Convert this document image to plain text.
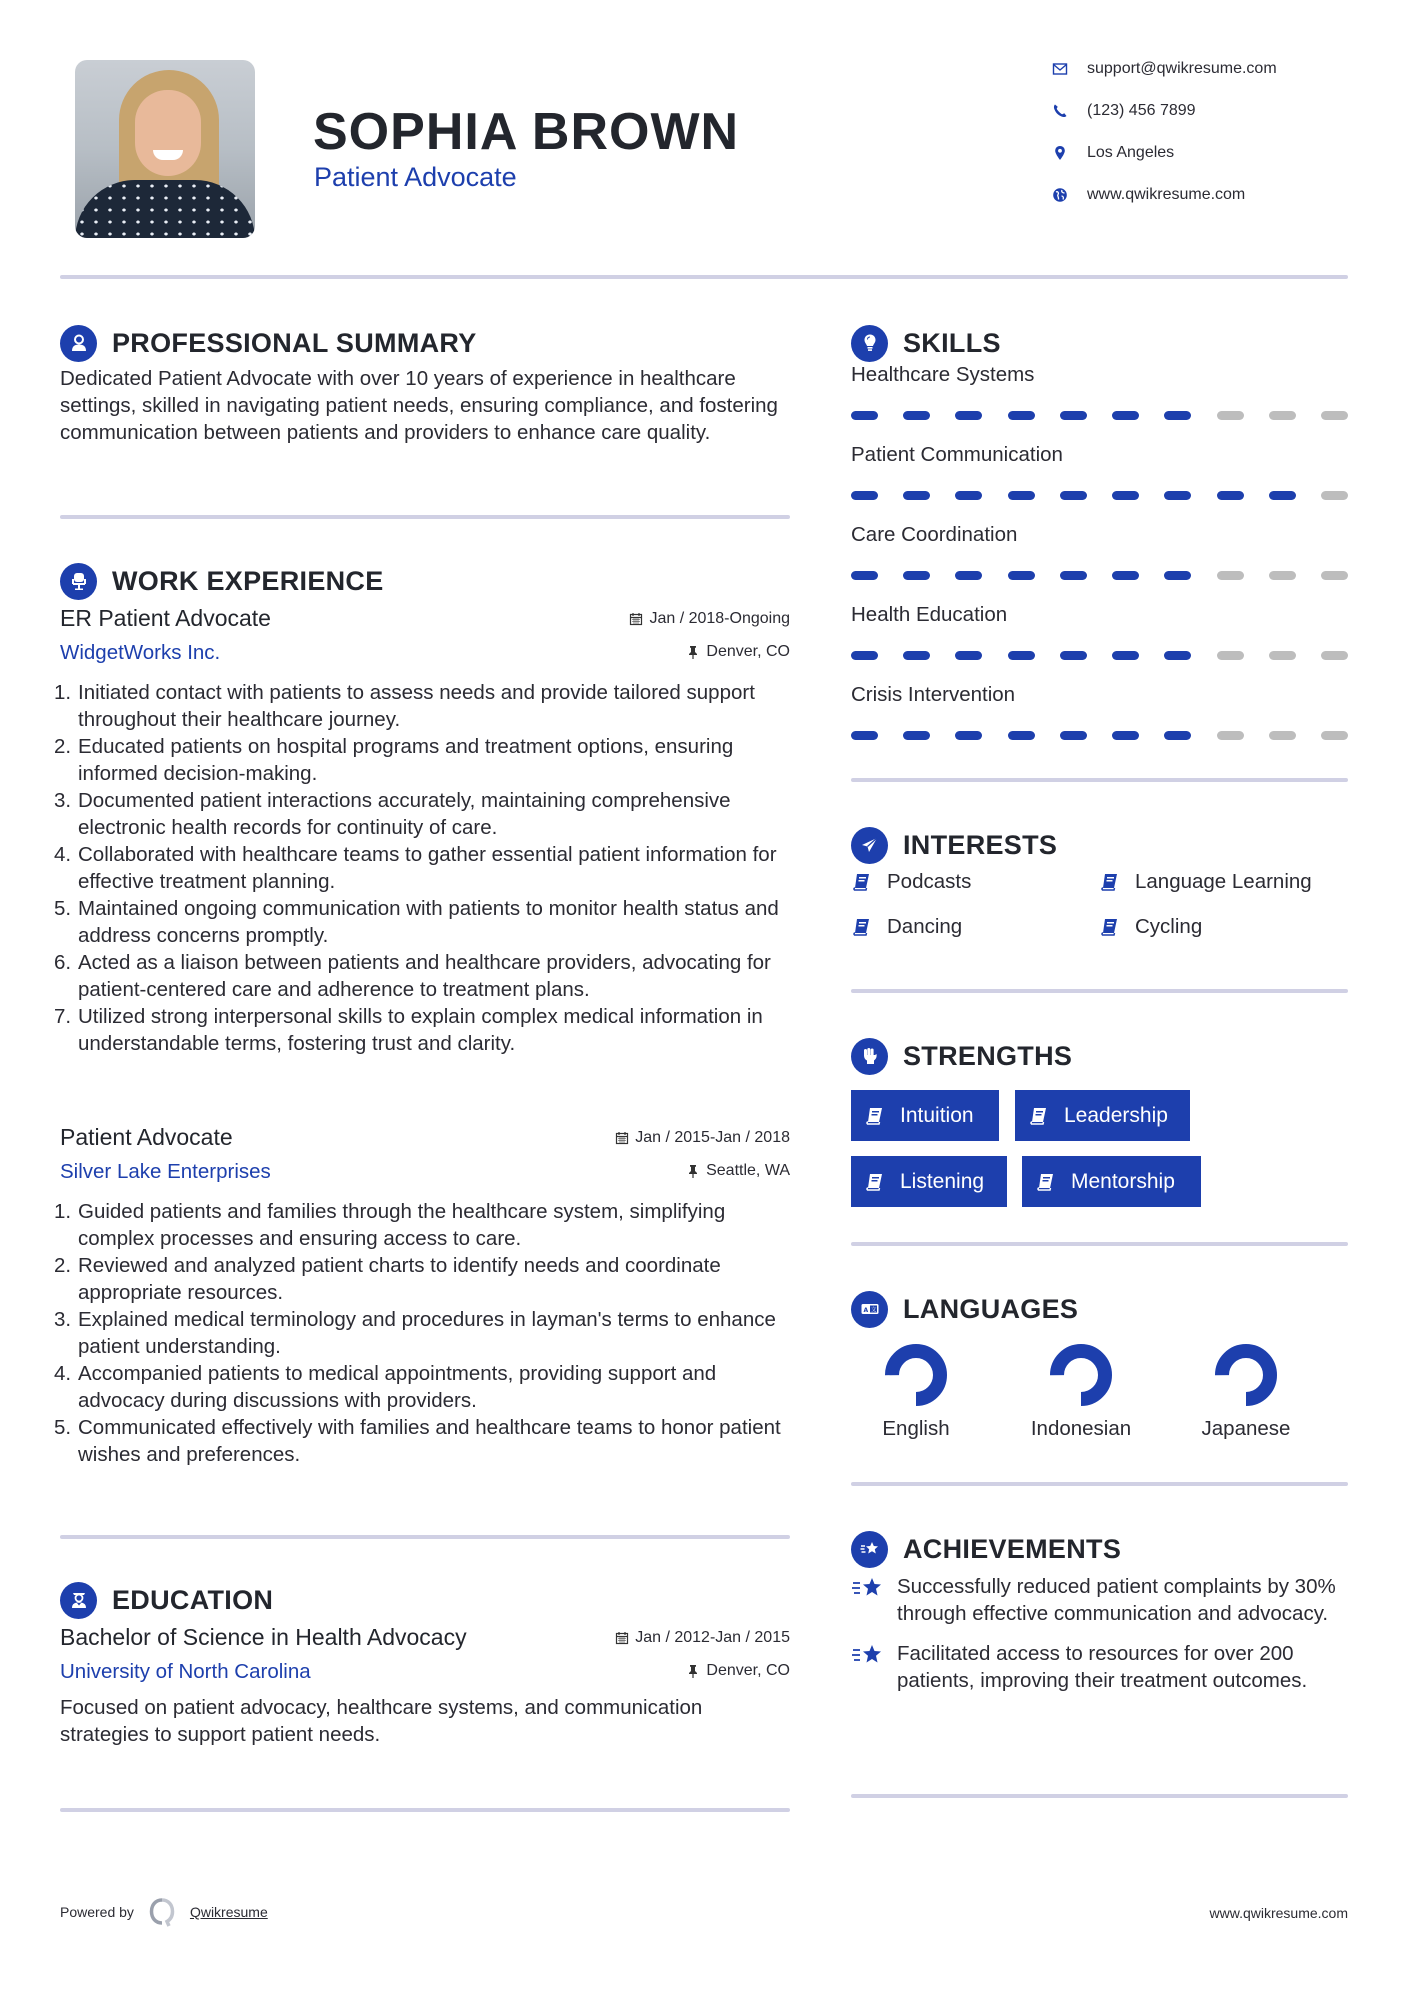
SOPHIA BROWN
Patient Advocate
support@qwikresume.com
(123) 456 7899
Los Angeles
www.qwikresume.com
PROFESSIONAL SUMMARY

Dedicated Patient Advocate with over 10 years of experience in healthcare settings, skilled in navigating patient needs, ensuring compliance, and fostering communication between patients and providers to enhance care quality.

WORK EXPERIENCE
ER Patient Advocate	Jan / 2018-Ongoing
WidgetWorks Inc.	Denver, CO
1. Initiated contact with patients to assess needs and provide tailored support throughout their healthcare journey.
2. Educated patients on hospital programs and treatment options, ensuring informed decision-making.
3. Documented patient interactions accurately, maintaining comprehensive electronic health records for continuity of care.
4. Collaborated with healthcare teams to gather essential patient information for effective treatment planning.
5. Maintained ongoing communication with patients to monitor health status and address concerns promptly.
6. Acted as a liaison between patients and healthcare providers, advocating for patient-centered care and adherence to treatment plans.
7. Utilized strong interpersonal skills to explain complex medical information in understandable terms, fostering trust and clarity.
Patient Advocate	Jan / 2015-Jan / 2018
Silver Lake Enterprises	Seattle, WA
1. Guided patients and families through the healthcare system, simplifying complex processes and ensuring access to care.
2. Reviewed and analyzed patient charts to identify needs and coordinate appropriate resources.
3. Explained medical terminology and procedures in layman's terms to enhance patient understanding.
4. Accompanied patients to medical appointments, providing support and advocacy during discussions with providers.
5. Communicated effectively with families and healthcare teams to honor patient wishes and preferences.
EDUCATION
Bachelor of Science in Health Advocacy	Jan / 2012-Jan / 2015
University of North Carolina	Denver, CO

Focused on patient advocacy, healthcare systems, and communication strategies to support patient needs.

SKILLS
Healthcare Systems
Patient Communication
Care Coordination
Health Education
Crisis Intervention
INTERESTS
Podcasts	Language Learning
Dancing	Cycling
STRENGTHS
Intuition	Leadership
Listening	Mentorship
A 文 LANGUAGES
English	Indonesian	Japanese
ACHIEVEMENTS
Successfully reduced patient complaints by 30% through effective communication and advocacy.
Facilitated access to resources for over 200 patients, improving their treatment outcomes.
Powered by	Qwikresume	www.qwikresume.com
